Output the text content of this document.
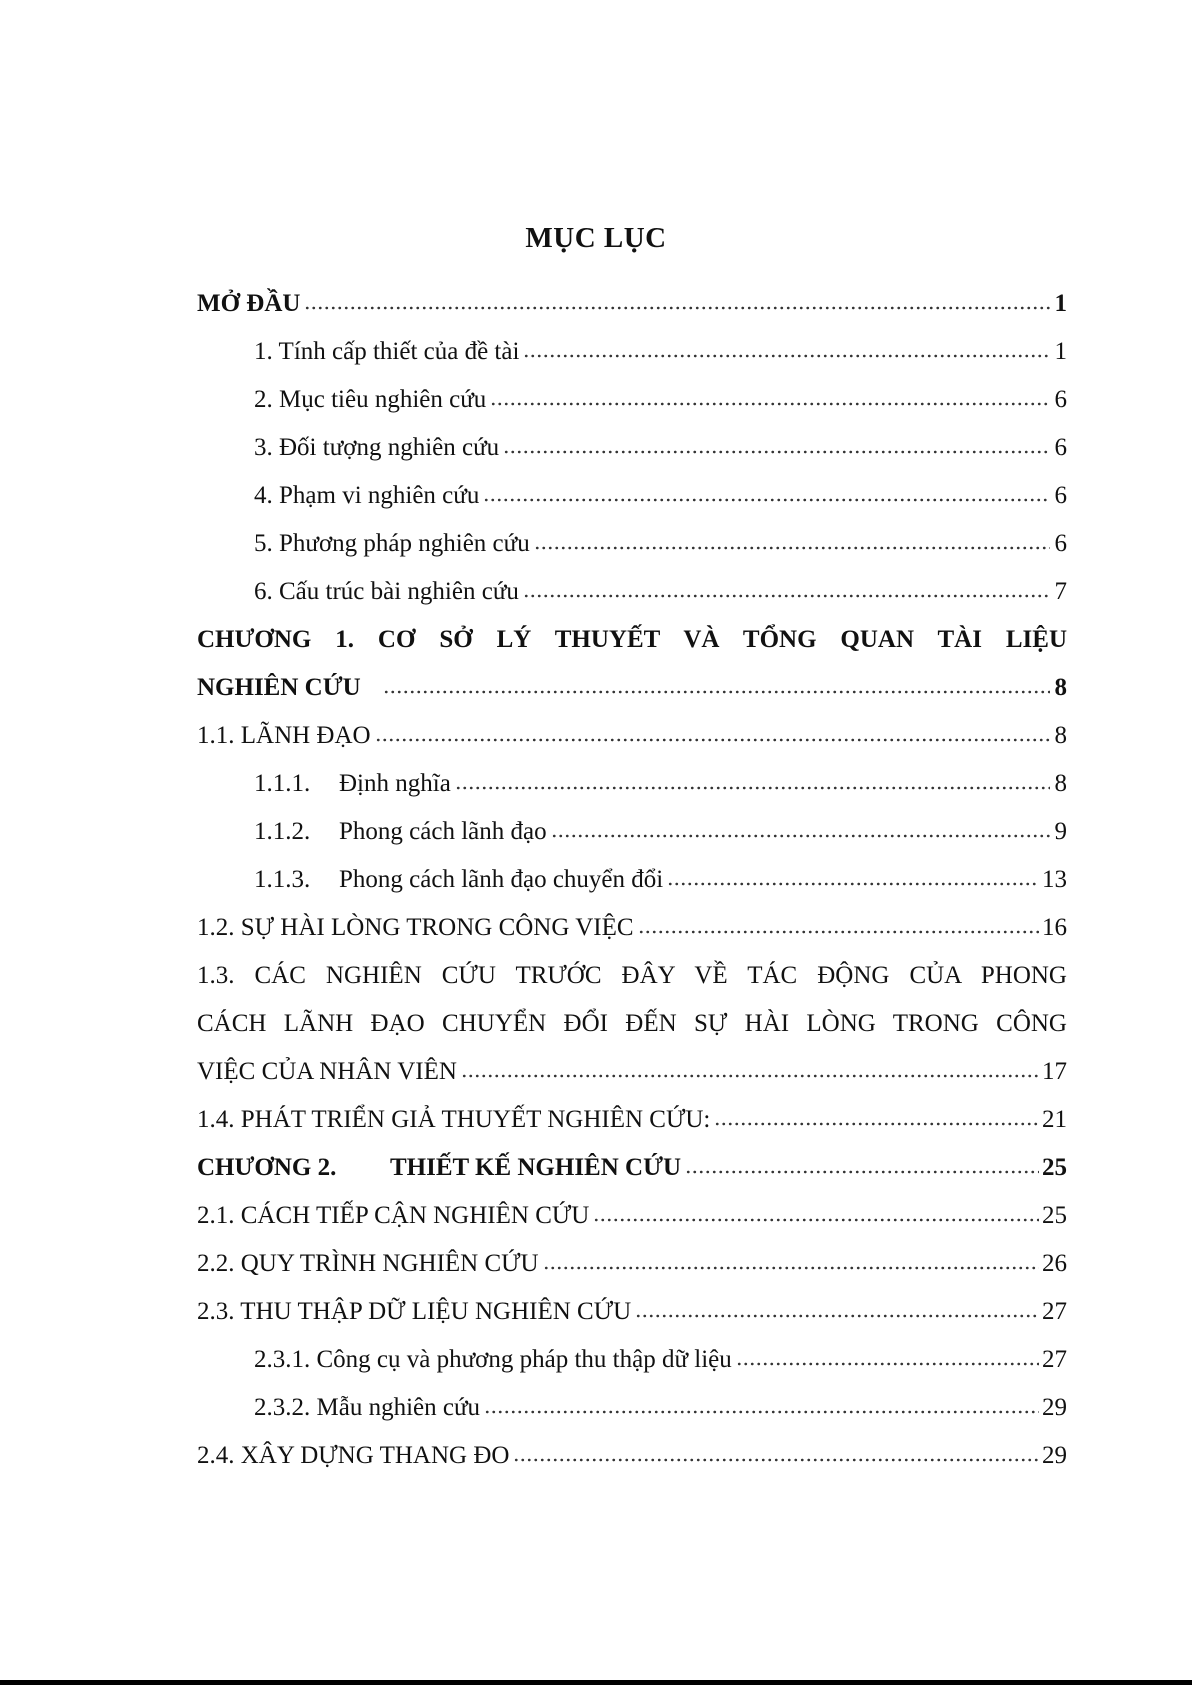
MỤC LỤC
MỞ ĐẦU	1
1. Tính cấp thiết của đề tài	1
2. Mục tiêu nghiên cứu	6
3. Đối tượng nghiên cứu	6
4. Phạm vi nghiên cứu	6
5. Phương pháp nghiên cứu	6
6. Cấu trúc bài nghiên cứu	7
CHƯƠNG 1. CƠ SỞ LÝ THUYẾT VÀ TỔNG QUAN TÀI LIỆU
NGHIÊN CỨU	8
1.1. LÃNH ĐẠO	8
1.1.1.	Định nghĩa	8
1.1.2.	Phong cách lãnh đạo	9
1.1.3.	Phong cách lãnh đạo chuyển đổi	13
1.2. SỰ HÀI LÒNG TRONG CÔNG VIỆC	16
1.3. CÁC NGHIÊN CỨU TRƯỚC ĐÂY VỀ TÁC ĐỘNG CỦA PHONG
CÁCH LÃNH ĐẠO CHUYỂN ĐỔI ĐẾN SỰ HÀI LÒNG TRONG CÔNG
VIỆC CỦA NHÂN VIÊN	17
1.4. PHÁT TRIỂN GIẢ THUYẾT NGHIÊN CỨU:	21
CHƯƠNG 2.	THIẾT KẾ NGHIÊN CỨU	25
2.1. CÁCH TIẾP CẬN NGHIÊN CỨU	25
2.2. QUY TRÌNH NGHIÊN CỨU	26
2.3. THU THẬP DỮ LIỆU NGHIÊN CỨU	27
2.3.1. Công cụ và phương pháp thu thập dữ liệu	27
2.3.2. Mẫu nghiên cứu	29
2.4. XÂY DỰNG THANG ĐO	29
